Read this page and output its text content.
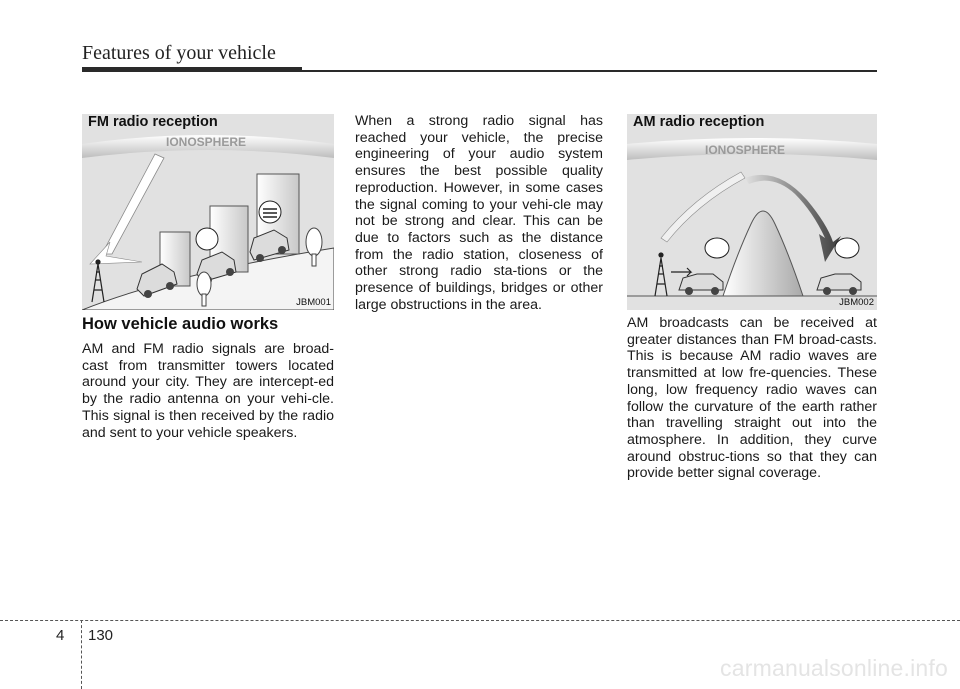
Features of your vehicle
IONOSPHERE
FM radio reception
JBM001
IONOSPHERE
AM radio reception
JBM002
How vehicle audio works

AM and FM radio signals are broad-cast from transmitter towers located around your city. They are intercept-ed by the radio antenna on your vehi-cle. This signal is then received by the radio and sent to your vehicle speakers.

When a strong radio signal has reached your vehicle, the precise engineering of your audio system ensures the best possible quality reproduction. However, in some cases the signal coming to your vehi-cle may not be strong and clear. This can be due to factors such as the distance from the radio station, closeness of other strong radio sta-tions or the presence of buildings, bridges or other large obstructions in the area.

AM broadcasts can be received at greater distances than FM broad-casts. This is because AM radio waves are transmitted at low fre-quencies. These long, low frequency radio waves can follow the curvature of the earth rather than travelling straight out into the atmosphere. In addition, they curve around obstruc-tions so that they can provide better signal coverage.

4 130
carmanualsonline.info
